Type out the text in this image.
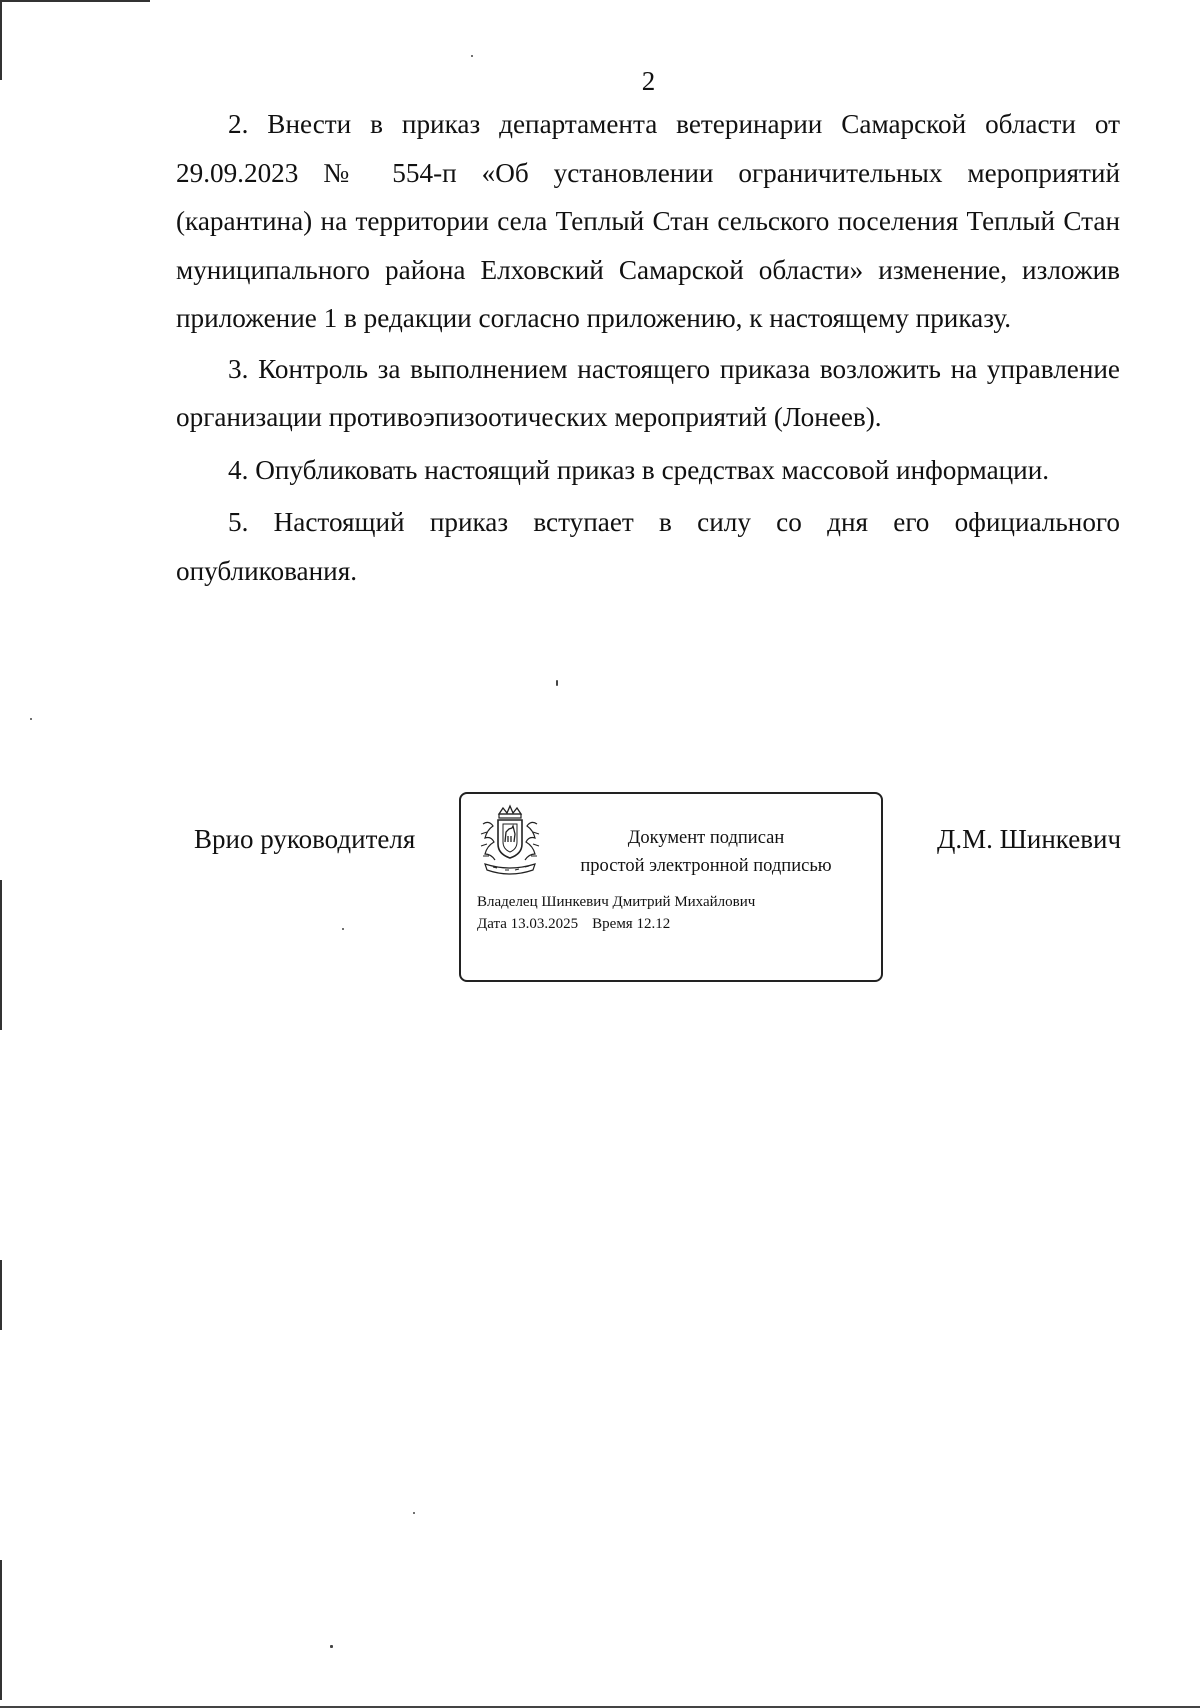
2

2. Внести в приказ департамента ветеринарии Самарской области от 29.09.2023 № 554-п «Об установлении ограничительных мероприятий (карантина) на территории села Теплый Стан сельского поселения Теплый Стан муниципального района Елховский Самарской области» изменение, изложив приложение 1 в редакции согласно приложению, к настоящему приказу.

3. Контроль за выполнением настоящего приказа возложить на управление организации противоэпизоотических мероприятий (Лонеев).

4. Опубликовать настоящий приказ в средствах массовой информации.

5. Настоящий приказ вступает в силу со дня его официального опубликования.

Врио руководителя	Документ подписан
простой электронной подписью
Владелец Шинкевич Дмитрий Михайлович
Дата 13.03.2025 Время 12.12
Д.М. Шинкевич
